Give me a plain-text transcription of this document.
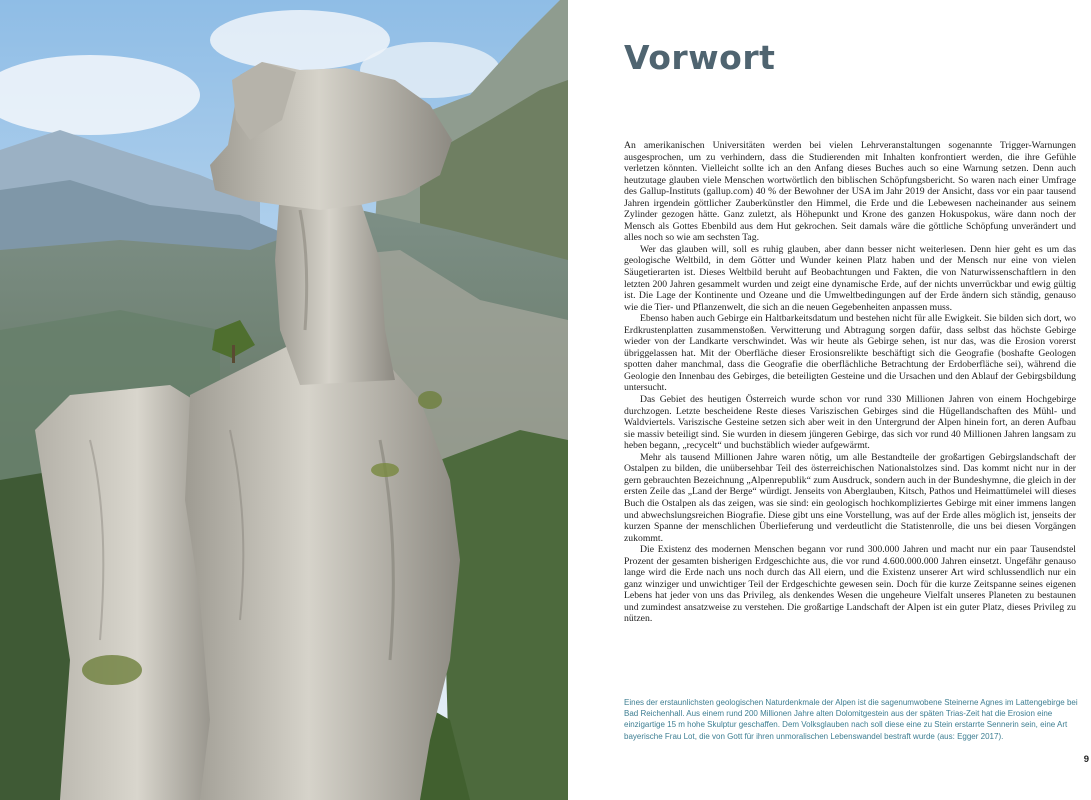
Vorwort

An amerikanischen Universitäten werden bei vielen Lehrveranstaltungen sogenannte Trigger-Warnungen ausgesprochen, um zu verhindern, dass die Studierenden mit Inhalten konfrontiert werden, die ihre Gefühle verletzen könnten. Vielleicht sollte ich an den Anfang dieses Buches auch so eine Warnung setzen. Denn auch heutzutage glauben viele Menschen wortwörtlich den biblischen Schöpfungsbericht. So waren nach einer Umfrage des Gallup-Instituts (gallup.com) 40 % der Bewohner der USA im Jahr 2019 der Ansicht, dass vor ein paar tausend Jahren irgendein göttlicher Zauberkünstler den Himmel, die Erde und die Lebewesen nacheinander aus seinem Zylinder gezogen hätte. Ganz zuletzt, als Höhepunkt und Krone des ganzen Hokuspokus, wäre dann noch der Mensch als Gottes Ebenbild aus dem Hut gekrochen. Seit damals wäre die göttliche Schöpfung unverändert und alles noch so wie am sechsten Tag.

Wer das glauben will, soll es ruhig glauben, aber dann besser nicht weiterlesen. Denn hier geht es um das geologische Weltbild, in dem Götter und Wunder keinen Platz haben und der Mensch nur eine von vielen Säugetierarten ist. Dieses Weltbild beruht auf Beobachtungen und Fakten, die von Naturwissenschaftlern in den letzten 200 Jahren gesammelt wurden und zeigt eine dynamische Erde, auf der nichts unverrückbar und ewig gültig ist. Die Lage der Kontinente und Ozeane und die Umweltbedingungen auf der Erde ändern sich ständig, genauso wie die Tier- und Pflanzenwelt, die sich an die neuen Gegebenheiten anpassen muss.

Ebenso haben auch Gebirge ein Haltbarkeitsdatum und bestehen nicht für alle Ewigkeit. Sie bilden sich dort, wo Erdkrustenplatten zusammenstoßen. Verwitterung und Abtragung sorgen dafür, dass selbst das höchste Gebirge wieder von der Landkarte verschwindet. Was wir heute als Gebirge sehen, ist nur das, was die Erosion vorerst übriggelassen hat. Mit der Oberfläche dieser Erosionsrelikte beschäftigt sich die Geografie (boshafte Geologen spotten daher manchmal, dass die Geografie die oberflächliche Betrachtung der Erdoberfläche sei), während die Geologie den Innenbau des Gebirges, die beteiligten Gesteine und die Ursachen und den Ablauf der Gebirgsbildung untersucht.

Das Gebiet des heutigen Österreich wurde schon vor rund 330 Millionen Jahren von einem Hochgebirge durchzogen. Letzte bescheidene Reste dieses Variszischen Gebirges sind die Hügellandschaften des Mühl- und Waldviertels. Variszische Gesteine setzen sich aber weit in den Untergrund der Alpen hinein fort, an deren Aufbau sie massiv beteiligt sind. Sie wurden in diesem jüngeren Gebirge, das sich vor rund 40 Millionen Jahren langsam zu heben begann, „recycelt“ und buchstäblich wieder aufgewärmt.

Mehr als tausend Millionen Jahre waren nötig, um alle Bestandteile der großartigen Gebirgslandschaft der Ostalpen zu bilden, die unübersehbar Teil des österreichischen Nationalstolzes sind. Das kommt nicht nur in der gern gebrauchten Bezeichnung „Alpenrepublik“ zum Ausdruck, sondern auch in der Bundeshymne, die gleich in der ersten Zeile das „Land der Berge“ würdigt. Jenseits von Aberglauben, Kitsch, Pathos und Heimattümelei will dieses Buch die Ostalpen als das zeigen, was sie sind: ein geologisch hochkompliziertes Gebirge mit einer immens langen und abwechslungsreichen Biografie. Diese gibt uns eine Vorstellung, was auf der Erde alles möglich ist, jenseits der kurzen Spanne der menschlichen Überlieferung und verdeutlicht die Statistenrolle, die uns bei diesen Vorgängen zukommt.

Die Existenz des modernen Menschen begann vor rund 300.000 Jahren und macht nur ein paar Tausendstel Prozent der gesamten bisherigen Erdgeschichte aus, die vor rund 4.600.000.000 Jahren einsetzt. Ungefähr genauso lange wird die Erde nach uns noch durch das All eiern, und die Existenz unserer Art wird schlussendlich nur ein ganz winziger und unwichtiger Teil der Erdgeschichte gewesen sein. Doch für die kurze Zeitspanne seines eigenen Lebens hat jeder von uns das Privileg, als denkendes Wesen die ungeheure Vielfalt unseres Planeten zu bestaunen und zumindest ansatzweise zu verstehen. Die großartige Landschaft der Alpen ist ein guter Platz, dieses Privileg zu nützen.

Eines der erstaunlichsten geologischen Naturdenkmale der Alpen ist die sagenumwobene Steinerne Agnes im Lattengebirge bei Bad Reichenhall. Aus einem rund 200 Millionen Jahre alten Dolomitgestein aus der späten Trias-Zeit hat die Erosion eine einzigartige 15 m hohe Skulptur geschaffen. Dem Volksglauben nach soll diese eine zu Stein erstarrte Sennerin sein, eine Art bayerische Frau Lot, die von Gott für ihren unmoralischen Lebenswandel bestraft wurde (aus: Egger 2017).

9
